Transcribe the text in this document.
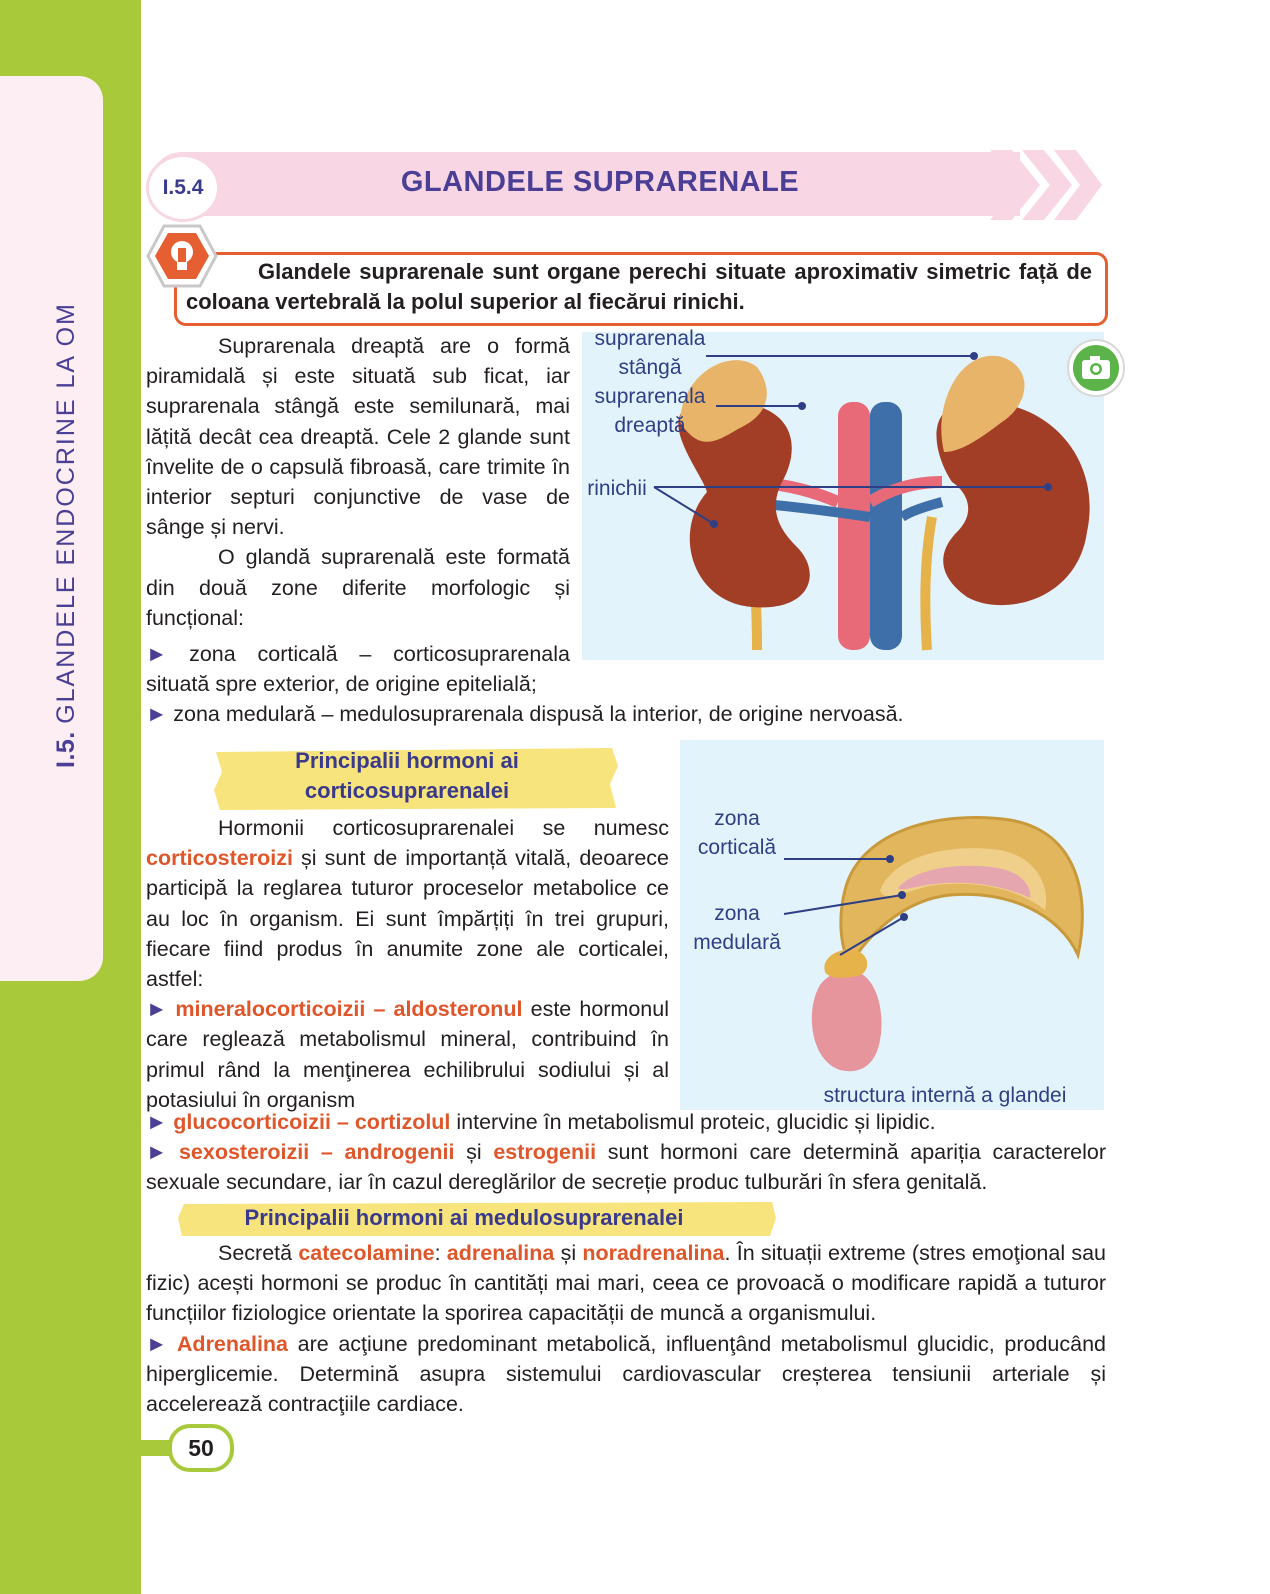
I.5. GLANDELE ENDOCRINE LA OM
I.5.4	GLANDELE SUPRARENALE
Glandele suprarenale sunt organe perechi situate aproximativ simetric față de coloana vertebrală la polul superior al fiecărui rinichi.
Suprarenala dreaptă are o formă piramidală și este situată sub ficat, iar suprarenala stângă este semilunară, mai lățită decât cea dreaptă. Cele 2 glande sunt învelite de o capsulă fibroasă, care trimite în interior septuri conjunctive de vase de sânge și nervi.
O glandă suprarenală este formată din două zone diferite morfologic și funcțional:
► zona corticală – corticosuprarenala situată spre exterior, de origine epitelială;
► zona medulară – medulosuprarenala dispusă la interior, de origine nervoasă.
suprarenala stângă
suprarenala dreaptă
rinichii
Principalii hormoni ai corticosuprarenalei
Hormonii corticosuprarenalei se numesc corticosteroizi și sunt de importanță vitală, deoarece participă la reglarea tuturor proceselor metabolice ce au loc în organism. Ei sunt împărțiți în trei grupuri, fiecare fiind produs în anumite zone ale corticalei, astfel:
► mineralocorticoizii – aldosteronul este hormonul care reglează metabolismul mineral, contribuind în primul rând la menţinerea echilibrului sodiului și al potasiului în organism
► glucocorticoizii – cortizolul intervine în metabolismul proteic, glucidic și lipidic.
► sexosteroizii – androgenii și estrogenii sunt hormoni care determină apariția caracterelor sexuale secundare, iar în cazul dereglărilor de secreție produc tulburări în sfera genitală.
zona corticală
zona medulară
structura internă a glandei
Principalii hormoni ai medulosuprarenalei
Secretă catecolamine: adrenalina și noradrenalina. În situații extreme (stres emoţional sau fizic) acești hormoni se produc în cantități mai mari, ceea ce provoacă o modificare rapidă a tuturor funcțiilor fiziologice orientate la sporirea capacității de muncă a organismului.
► Adrenalina are acţiune predominant metabolică, influenţând metabolismul glucidic, producând hiperglicemie. Determină asupra sistemului cardiovascular creșterea tensiunii arteriale și accelerează contracţiile cardiace.
50
